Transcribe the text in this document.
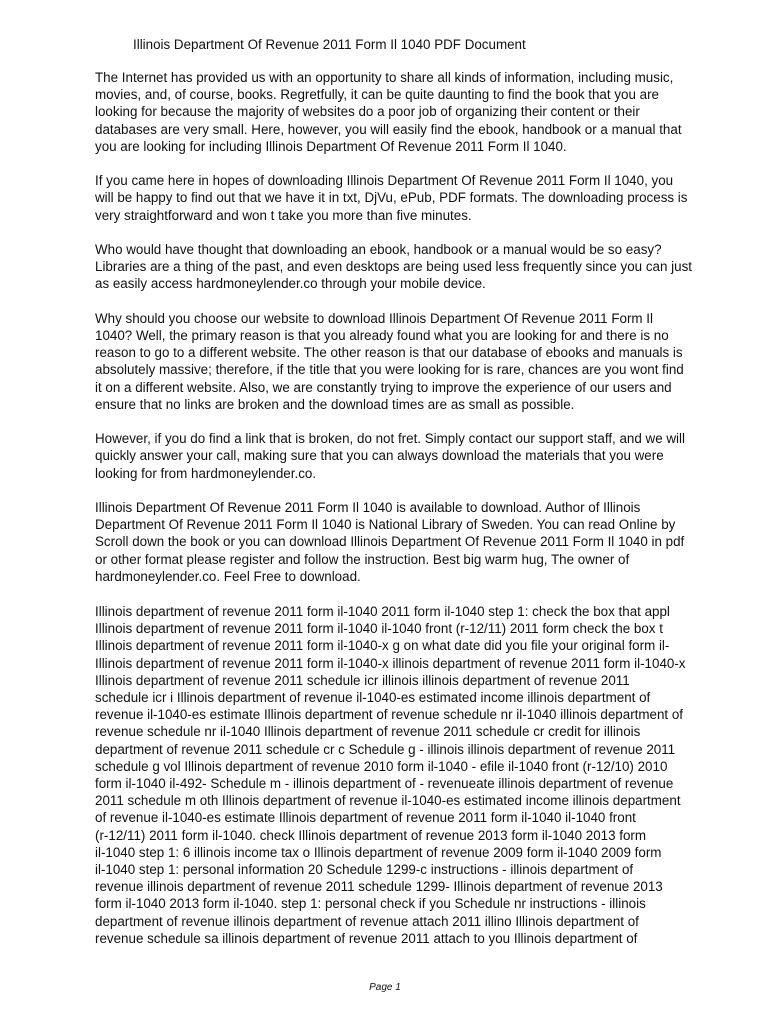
Illinois Department Of Revenue 2011 Form Il 1040 PDF Document

The Internet has provided us with an opportunity to share all kinds of information, including music,
movies, and, of course, books. Regretfully, it can be quite daunting to find the book that you are
looking for because the majority of websites do a poor job of organizing their content or their
databases are very small. Here, however, you will easily find the ebook, handbook or a manual that
you are looking for including Illinois Department Of Revenue 2011 Form Il 1040.

If you came here in hopes of downloading Illinois Department Of Revenue 2011 Form Il 1040, you
will be happy to find out that we have it in txt, DjVu, ePub, PDF formats. The downloading process is
very straightforward and won t take you more than five minutes.

Who would have thought that downloading an ebook, handbook or a manual would be so easy?
Libraries are a thing of the past, and even desktops are being used less frequently since you can just
as easily access hardmoneylender.co through your mobile device.

Why should you choose our website to download Illinois Department Of Revenue 2011 Form Il
1040? Well, the primary reason is that you already found what you are looking for and there is no
reason to go to a different website. The other reason is that our database of ebooks and manuals is
absolutely massive; therefore, if the title that you were looking for is rare, chances are you wont find
it on a different website. Also, we are constantly trying to improve the experience of our users and
ensure that no links are broken and the download times are as small as possible.

However, if you do find a link that is broken, do not fret. Simply contact our support staff, and we will
quickly answer your call, making sure that you can always download the materials that you were
looking for from hardmoneylender.co.

Illinois Department Of Revenue 2011 Form Il 1040 is available to download. Author of Illinois
Department Of Revenue 2011 Form Il 1040 is National Library of Sweden. You can read Online by
Scroll down the book or you can download Illinois Department Of Revenue 2011 Form Il 1040 in pdf
or other format please register and follow the instruction. Best big warm hug, The owner of
hardmoneylender.co. Feel Free to download.

Illinois department of revenue 2011 form il-1040 2011 form il-1040 step 1: check the box that appl
Illinois department of revenue 2011 form il-1040 il-1040 front (r-12/11) 2011 form check the box t
Illinois department of revenue 2011 form il-1040-x g on what date did you file your original form il-
Illinois department of revenue 2011 form il-1040-x illinois department of revenue 2011 form il-1040-x
Illinois department of revenue 2011 schedule icr illinois illinois department of revenue 2011
schedule icr i Illinois department of revenue il-1040-es estimated income illinois department of
revenue il-1040-es estimate Illinois department of revenue schedule nr il-1040 illinois department of
revenue schedule nr il-1040 Illinois department of revenue 2011 schedule cr credit for illinois
department of revenue 2011 schedule cr c Schedule g - illinois illinois department of revenue 2011
schedule g vol Illinois department of revenue 2010 form il-1040 - efile il-1040 front (r-12/10) 2010
form il-1040 il-492- Schedule m - illinois department of - revenueate illinois department of revenue
2011 schedule m oth Illinois department of revenue il-1040-es estimated income illinois department
of revenue il-1040-es estimate Illinois department of revenue 2011 form il-1040 il-1040 front
(r-12/11) 2011 form il-1040. check Illinois department of revenue 2013 form il-1040 2013 form
il-1040 step 1: 6 illinois income tax o Illinois department of revenue 2009 form il-1040 2009 form
il-1040 step 1: personal information 20 Schedule 1299-c instructions - illinois department of
revenue illinois department of revenue 2011 schedule 1299- Illinois department of revenue 2013
form il-1040 2013 form il-1040. step 1: personal check if you Schedule nr instructions - illinois
department of revenue illinois department of revenue attach 2011 illino Illinois department of
revenue schedule sa illinois department of revenue 2011 attach to you Illinois department of
Page 1
